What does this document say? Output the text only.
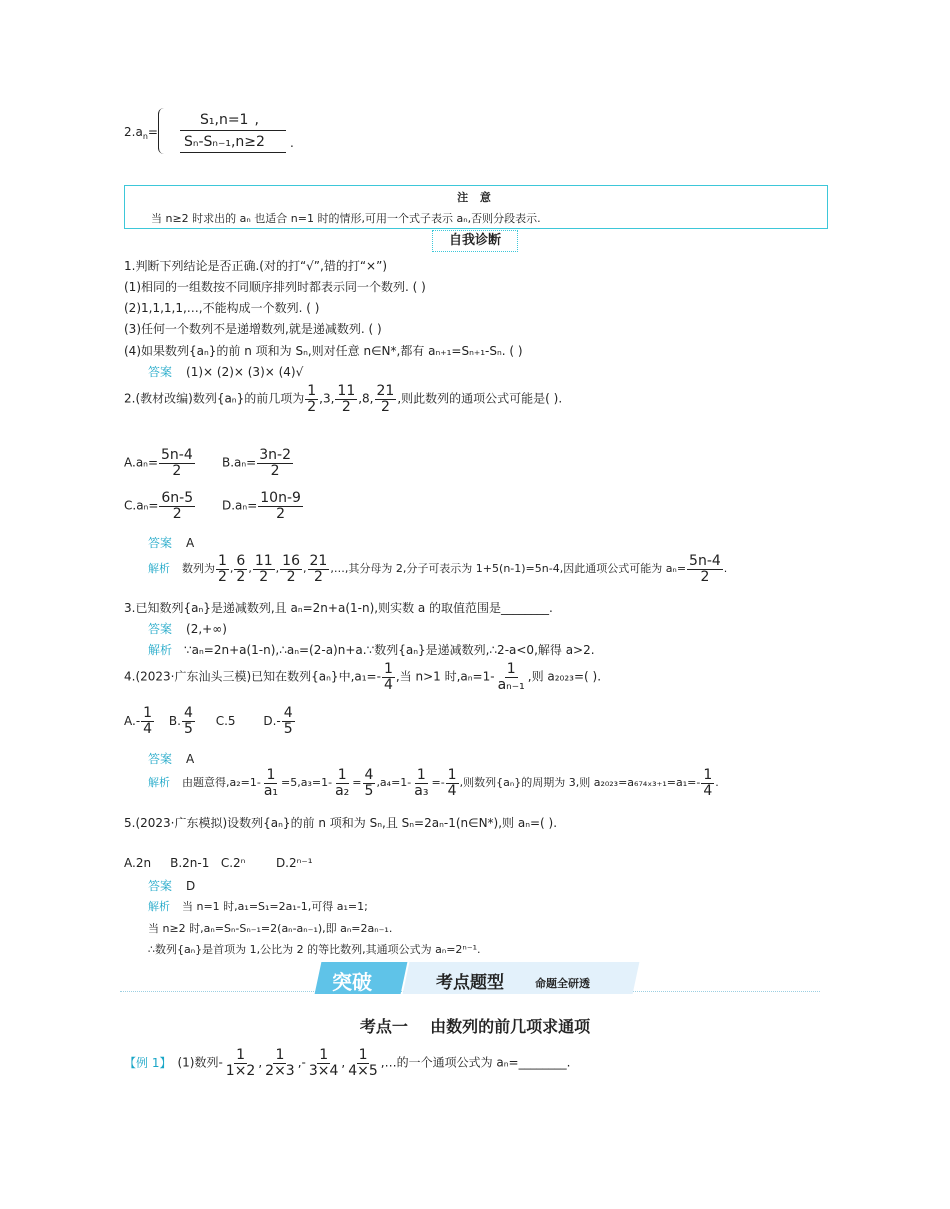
$2.a_n=$
S₁,n=1 ,
Sₙ-Sₙ₋₁,n≥2 .
注 意
当 n≥2 时求出的 aₙ 也适合 n=1 时的情形,可用一个式子表示 aₙ,否则分段表示.
自我诊断
1.判断下列结论是否正确.(对的打“√”,错的打“×”)
(1)相同的一组数按不同顺序排列时都表示同一个数列. ( )
(2)1,1,1,1,…,不能构成一个数列. ( )
(3)任何一个数列不是递增数列,就是递减数列. ( )
(4)如果数列{aₙ}的前 n 项和为 Sₙ,则对任意 n∈N*,都有 aₙ₊₁=Sₙ₊₁-Sₙ. ( )
答案 (1)× (2)× (3)× (4)√
2.(教材改编)数列{aₙ}的前几项为 $\frac{1}{2} ,3$, $\frac{11}{2} ,8$, $\frac{21}{2}$ ,则此数列的通项公式可能是( ).
$A.a_n= \frac{5n-4}{2} B.a_n= \frac{3n-2}{2}$
$C.a_n= \frac{6n-5}{2} D.a_n= \frac{10n-9}{2}$
答案 A
解析 数列为 $\frac{1}{2}$ , $\frac{6}{2}$ , $\frac{11}{2}$ , $\frac{16}{2}$ , $\frac{21}{2}$ ,…,其分母为 2,分子可表示为 1+5(n-1)=5n-4,因此通项公式可能为 $a_n= \frac{5n-4}{2}$ .
3.已知数列{aₙ}是递减数列,且 aₙ=2n+a(1-n),则实数 a 的取值范围是________.
答案 (2,+∞)
解析 ∵aₙ=2n+a(1-n),∴aₙ=(2-a)n+a.∵数列{aₙ}是递减数列,∴2-a<0,解得 a>2.
4.(2023·广东汕头三模)已知在数列{aₙ}中$,a_1=- \frac{1}{4}$ ,当 n>1 时$,a_n=1- \frac{1}{\text{aₙ₋₁}}$ ,则 a₂₀₂₃=( ).
$A.- \frac{1}{4} B$. $\frac{4}{5} C.5$ $D.- \frac{4}{5}$
答案 A
解析 由题意得$,a_2=1- \frac{1}{\text{a₁}} =5,a_3=1- \frac{1}{\text{a₂}} = \frac{4}{5} ,a_4=1- \frac{1}{\text{a₃}} =- \frac{1}{4}$ ,则数列{aₙ}的周期为 3,则 $a_{2023}=a_{674x3+1}=a_1=- \frac{1}{4}$ .
5.(2023·广东模拟)设数列{aₙ}的前 n 项和为 Sₙ,且 Sₙ=2aₙ-1(n∈N*),则 aₙ=( ).
A.2n     B.2n-1   C.2ⁿ        D.2ⁿ⁻¹
答案 D
解析 当 n=1 时,a₁=S₁=2a₁-1,可得 a₁=1;
当 n≥2 时,aₙ=Sₙ-Sₙ₋₁=2(aₙ-aₙ₋₁),即 aₙ=2aₙ₋₁.
∴数列{aₙ}是首项为 1,公比为 2 的等比数列,其通项公式为 aₙ=2ⁿ⁻¹.
突破	考点题型	命题全研透
考点一    由数列的前几项求通项
【例 1】 (1)数列- $\frac{1}{1\times 2}$ , $\frac{1}{2\times 3}$ ,- $\frac{1}{3\times 4}$ , $\frac{1}{4\times 5}$ ,…的一个通项公式为 aₙ=________.
